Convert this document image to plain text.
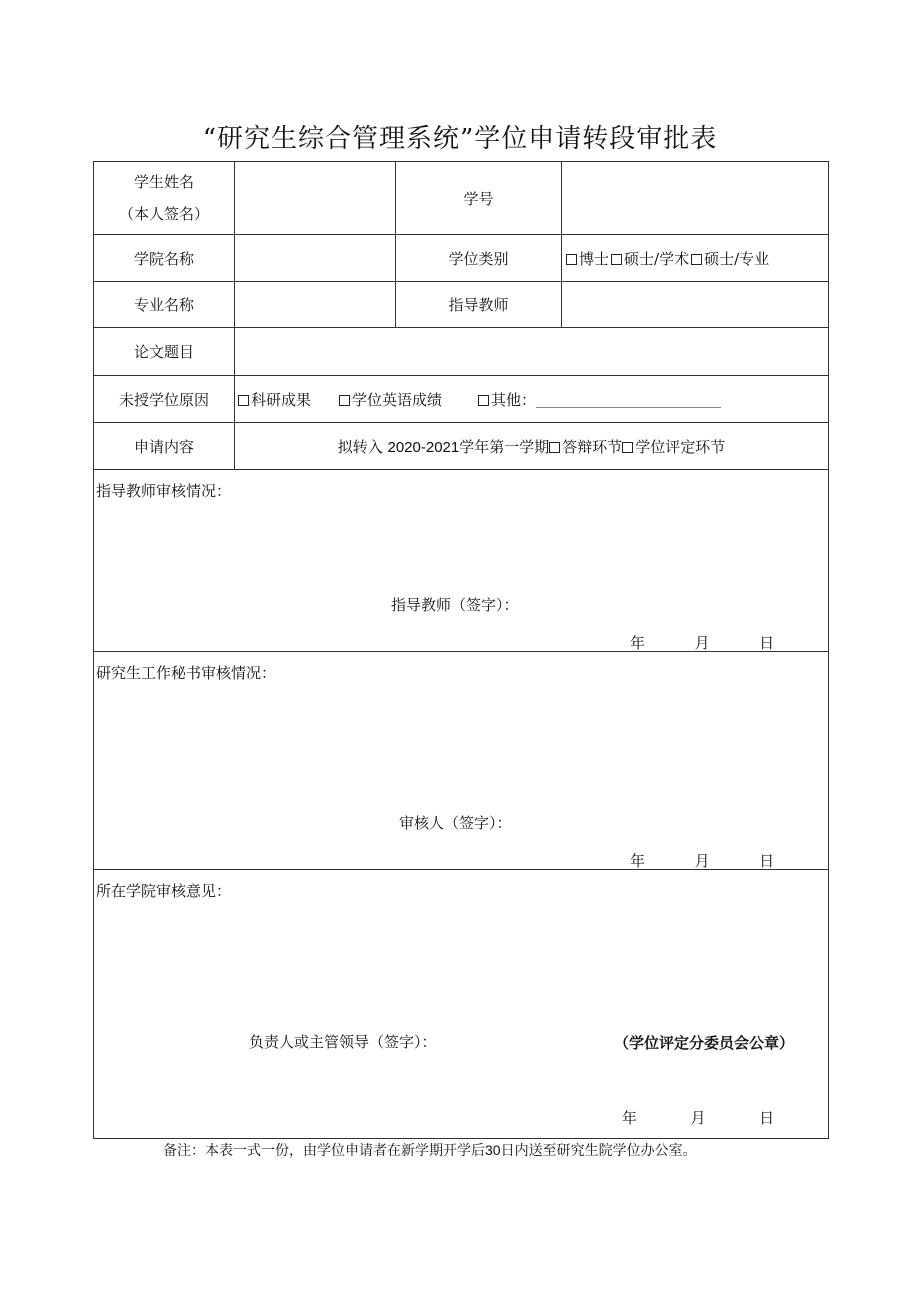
“研究生综合管理系统”学位申请转段审批表
学生姓名
（本人签名）		学号	
学院名称		学位类别	博士 硕士/学术 硕士/专业
专业名称		指导教师	
论文题目			
未授学位原因	科研成果 学位英语成绩 其他：		
申请内容	拟转入 2020-2021学年第一学期 答辩环节 学位评定环节		

指导教师审核情况：
指导教师（签字）：
年 月 日			

研究生工作秘书审核情况：
审核人（签字）：
年 月 日			

所在学院审核意见：
负责人或主管领导（签字）： （学位评定分委员会公章）
年 月 日			
备注：本表一式一份，由学位申请者在新学期开学后30日内送至研究生院学位办公室。
